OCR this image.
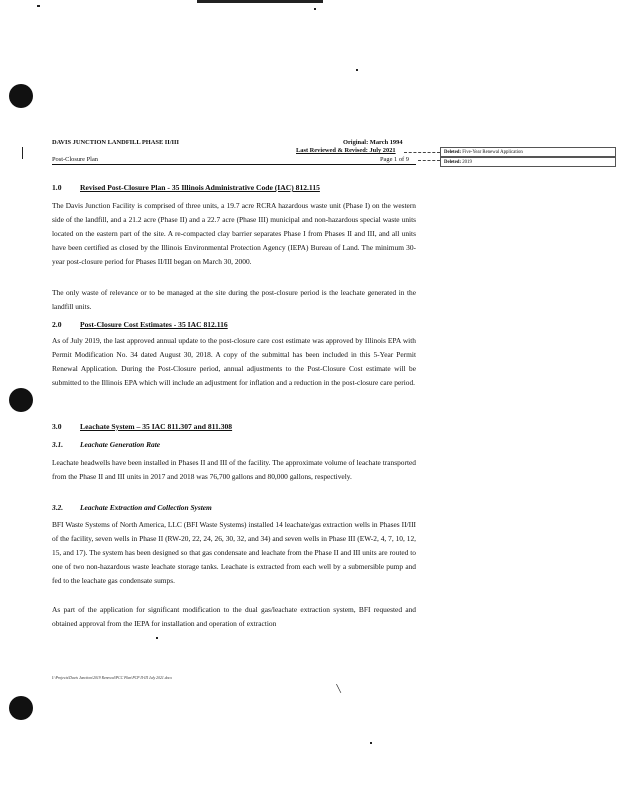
DAVIS JUNCTION LANDFILL PHASE II/III	Original: March 1994
Last Reviewed & Revised: July 2021
Post-Closure Plan	Page 1 of 9
Deleted: Five-Year Renewal Application
Deleted: 2019
1.0 Revised Post-Closure Plan - 35 Illinois Administrative Code (IAC) 812.115

The Davis Junction Facility is comprised of three units, a 19.7 acre RCRA hazardous waste unit (Phase I) on the western side of the landfill, and a 21.2 acre (Phase II) and a 22.7 acre (Phase III) municipal and non-hazardous special waste units located on the eastern part of the site. A re-compacted clay barrier separates Phase I from Phases II and III, and all units have been certified as closed by the Illinois Environmental Protection Agency (IEPA) Bureau of Land. The minimum 30-year post-closure period for Phases II/III began on March 30, 2000.

The only waste of relevance or to be managed at the site during the post-closure period is the leachate generated in the landfill units.

2.0 Post-Closure Cost Estimates - 35 IAC 812.116

As of July 2019, the last approved annual update to the post-closure care cost estimate was approved by Illinois EPA with Permit Modification No. 34 dated August 30, 2018. A copy of the submittal has been included in this 5-Year Permit Renewal Application. During the Post-Closure period, annual adjustments to the Post-Closure Cost estimate will be submitted to the Illinois EPA which will include an adjustment for inflation and a reduction in the post-closure care period.

3.0 Leachate System – 35 IAC 811.307 and 811.308
3.1. Leachate Generation Rate

Leachate headwells have been installed in Phases II and III of the facility. The approximate volume of leachate transported from the Phase II and III units in 2017 and 2018 was 76,700 gallons and 80,000 gallons, respectively.

3.2. Leachate Extraction and Collection System

BFI Waste Systems of North America, LLC (BFI Waste Systems) installed 14 leachate/gas extraction wells in Phases II/III of the facility, seven wells in Phase II (RW-20, 22, 24, 26, 30, 32, and 34) and seven wells in Phase III (EW-2, 4, 7, 10, 12, 15, and 17). The system has been designed so that gas condensate and leachate from the Phase II and III units are routed to one of two non-hazardous waste leachate storage tanks. Leachate is extracted from each well by a submersible pump and fed to the leachate gas condensate sumps.

As part of the application for significant modification to the dual gas/leachate extraction system, BFI requested and obtained approval from the IEPA for installation and operation of extraction

I:\Projects\Davis Junction\2019 Renewal\PCC Plan\PCP II-III July 2021.docx
\
